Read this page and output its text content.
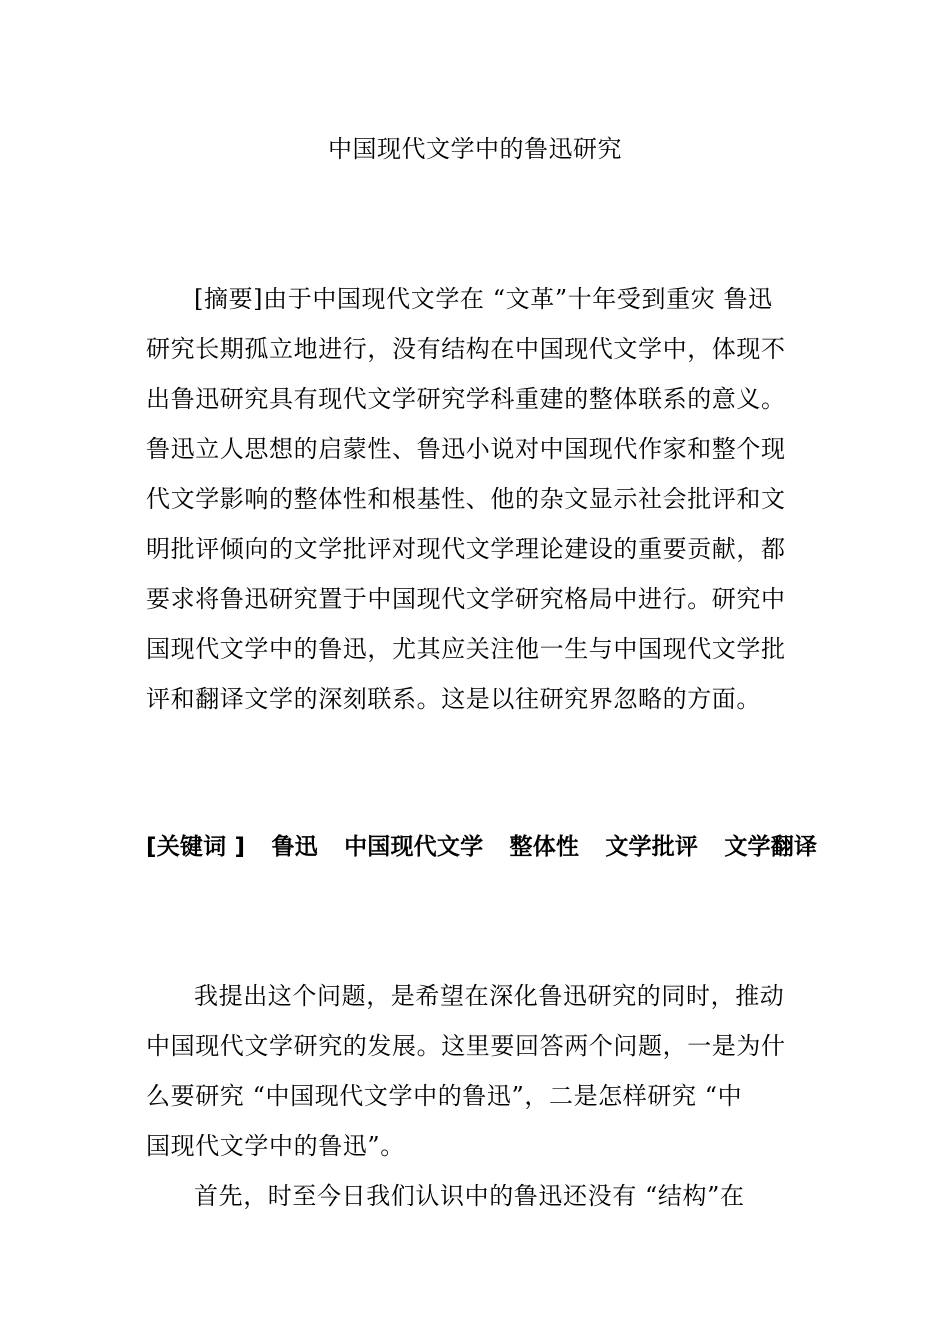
中国现代文学中的鲁迅研究
[摘要]由于中国现代文学在 “文革”十年受到重灾 鲁迅
研究长期孤立地进行，没有结构在中国现代文学中，体现不
出鲁迅研究具有现代文学研究学科重建的整体联系的意义。
鲁迅立人思想的启蒙性、鲁迅小说对中国现代作家和整个现
代文学影响的整体性和根基性、他的杂文显示社会批评和文
明批评倾向的文学批评对现代文学理论建设的重要贡献，都
要求将鲁迅研究置于中国现代文学研究格局中进行。研究中
国现代文学中的鲁迅，尤其应关注他一生与中国现代文学批
评和翻译文学的深刻联系。这是以往研究界忽略的方面。
[关键词 ] 鲁迅 中国现代文学 整体性 文学批评 文学翻译
我提出这个问题，是希望在深化鲁迅研究的同时，推动
中国现代文学研究的发展。这里要回答两个问题，一是为什
么要研究 “中国现代文学中的鲁迅”，二是怎样研究 “中
国现代文学中的鲁迅”。
首先，时至今日我们认识中的鲁迅还没有 “结构”在
